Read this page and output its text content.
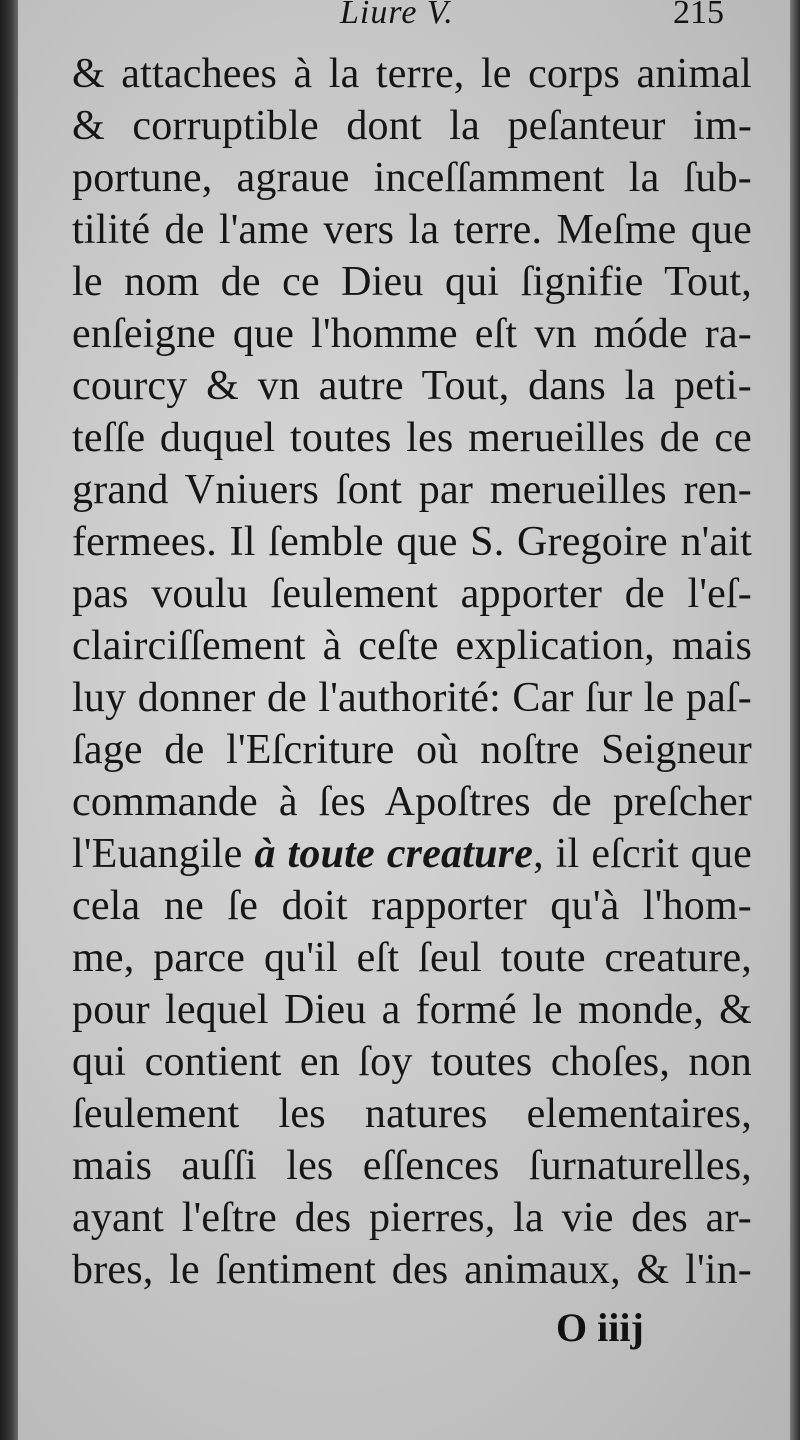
Liure V.	215
& attachees à la terre, le corps animal
& corruptible dont la peſanteur im-
portune, agraue inceſſamment la ſub-
tilité de l'ame vers la terre. Meſme que
le nom de ce Dieu qui ſignifie Tout,
enſeigne que l'homme eſt vn móde ra-
courcy & vn autre Tout, dans la peti-
teſſe duquel toutes les merueilles de ce
grand Vniuers ſont par merueilles ren-
fermees. Il ſemble que S. Gregoire n'ait
pas voulu ſeulement apporter de l'eſ-
clairciſſement à ceſte explication, mais
luy donner de l'authorité: Car ſur le paſ-
ſage de l'Eſcriture où noſtre Seigneur
commande à ſes Apoſtres de preſcher
l'Euangile à toute creature, il eſcrit que
cela ne ſe doit rapporter qu'à l'hom-
me, parce qu'il eſt ſeul toute creature,
pour lequel Dieu a formé le monde, &
qui contient en ſoy toutes choſes, non
ſeulement les natures elementaires,
mais auſſi les eſſences ſurnaturelles,
ayant l'eſtre des pierres, la vie des ar-
bres, le ſentiment des animaux, & l'in-
O iiij
